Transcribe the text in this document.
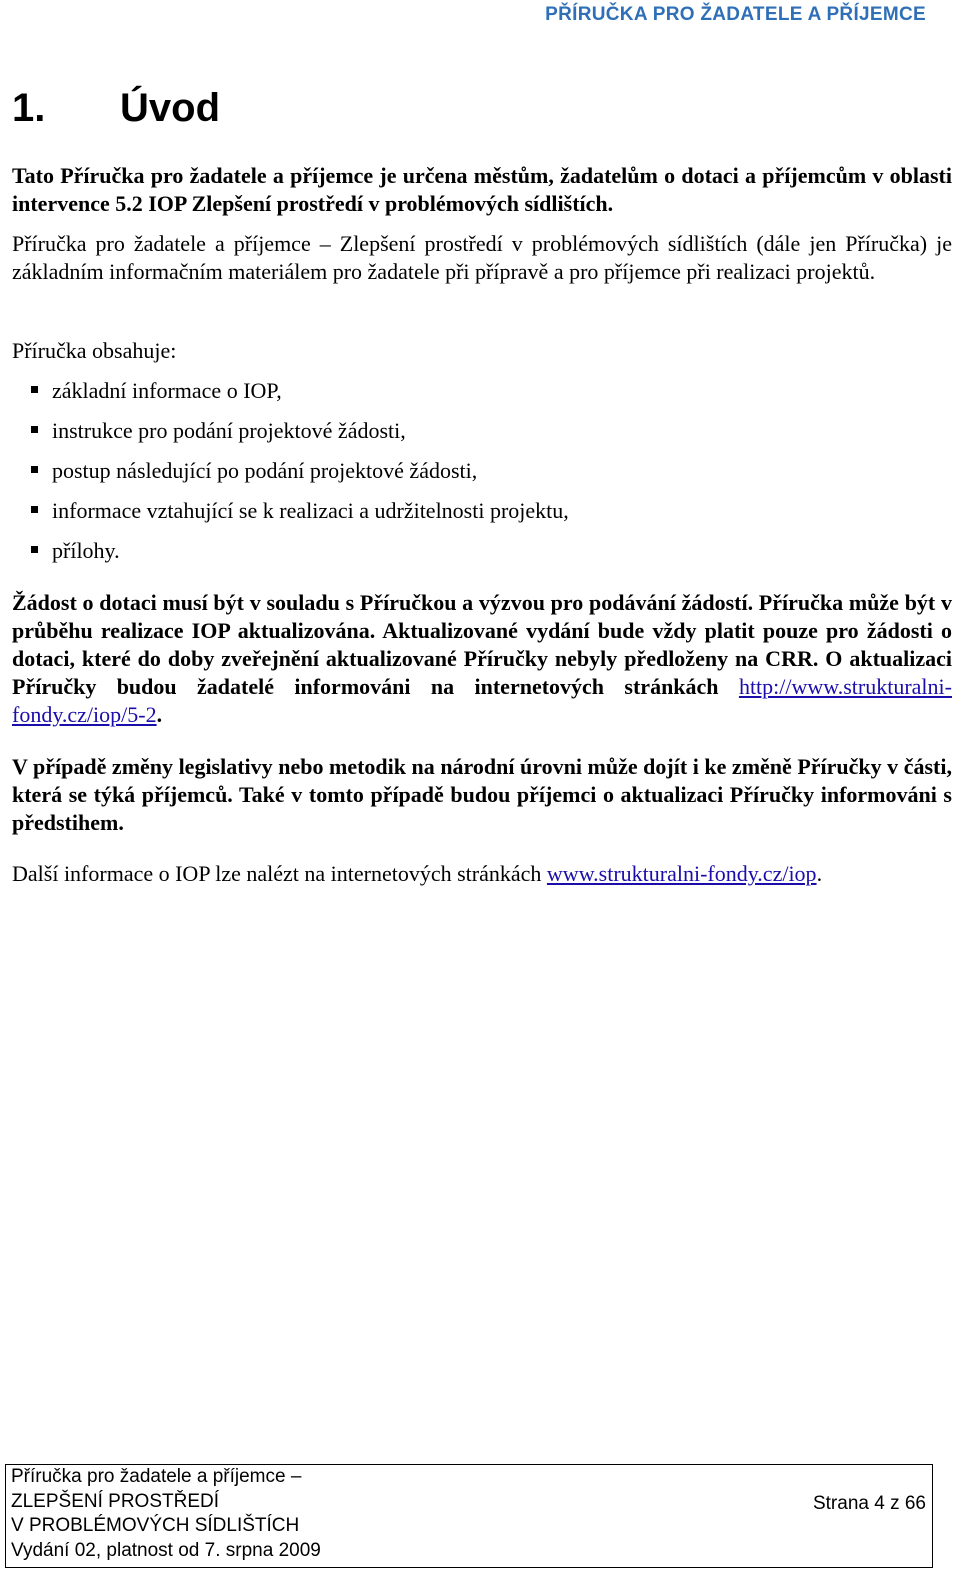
PŘÍRUČKA PRO ŽADATELE A PŘÍJEMCE
1. Úvod

Tato Příručka pro žadatele a příjemce je určena městům, žadatelům o dotaci a příjemcům v oblasti intervence 5.2 IOP Zlepšení prostředí v problémových sídlištích.

Příručka pro žadatele a příjemce – Zlepšení prostředí v problémových sídlištích (dále jen Příručka) je základním informačním materiálem pro žadatele při přípravě a pro příjemce při realizaci projektů.

Příručka obsahuje:

základní informace o IOP,
instrukce pro podání projektové žádosti,
postup následující po podání projektové žádosti,
informace vztahující se k realizaci a udržitelnosti projektu,
přílohy.

Žádost o dotaci musí být v souladu s Příručkou a výzvou pro podávání žádostí. Příručka může být v průběhu realizace IOP aktualizována. Aktualizované vydání bude vždy platit pouze pro žádosti o dotaci, které do doby zveřejnění aktualizované Příručky nebyly předloženy na CRR. O aktualizaci Příručky budou žadatelé informováni na internetových stránkách http://www.strukturalni-fondy.cz/iop/5-2.

V případě změny legislativy nebo metodik na národní úrovni může dojít i ke změně Příručky v části, která se týká příjemců. Také v tomto případě budou příjemci o aktualizaci Příručky informováni s předstihem.

Další informace o IOP lze nalézt na internetových stránkách www.strukturalni-fondy.cz/iop.

Příručka pro žadatele a příjemce –
ZLEPŠENÍ PROSTŘEDÍ
V PROBLÉMOVÝCH SÍDLIŠTÍCH
Vydání 02, platnost od 7. srpna 2009
Strana 4 z 66
